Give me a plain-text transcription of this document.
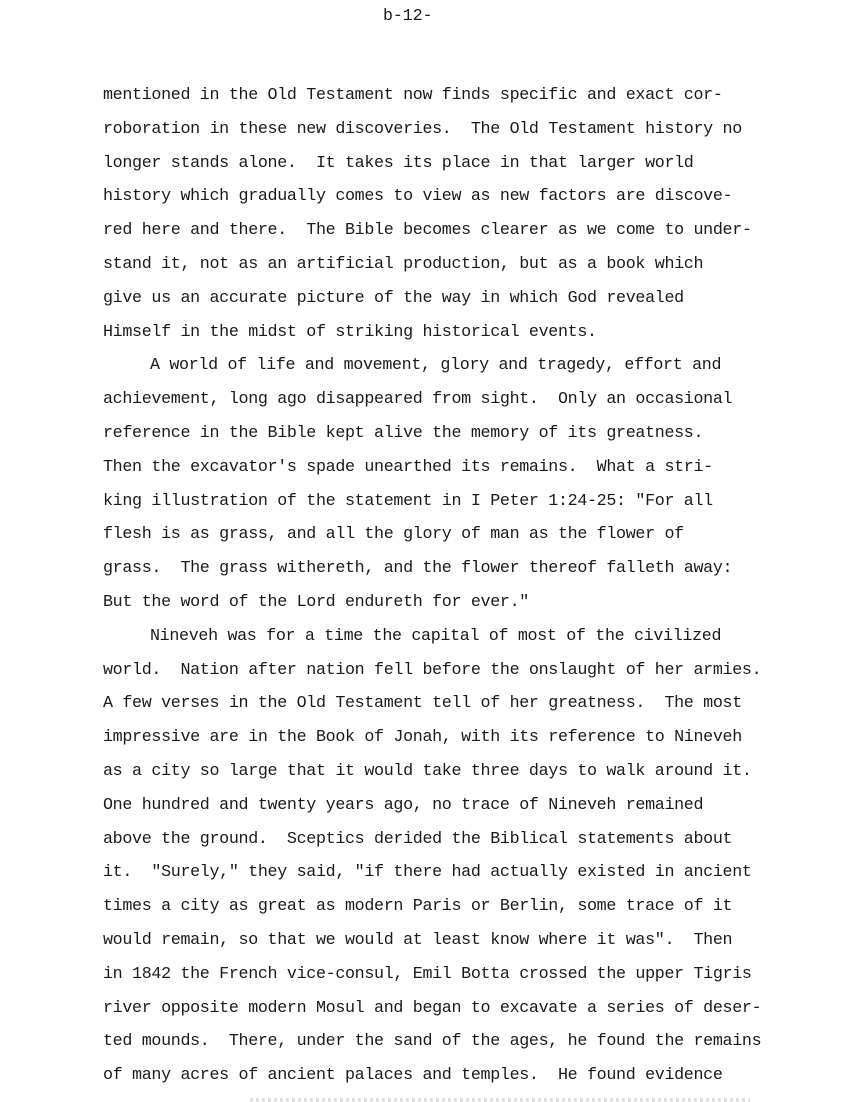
b-12-
mentioned in the Old Testament now finds specific and exact cor-
roboration in these new discoveries.  The Old Testament history no
longer stands alone.  It takes its place in that larger world
history which gradually comes to view as new factors are discove-
red here and there.  The Bible becomes clearer as we come to under-
stand it, not as an artificial production, but as a book which
give us an accurate picture of the way in which God revealed
Himself in the midst of striking historical events.
A world of life and movement, glory and tragedy, effort and
achievement, long ago disappeared from sight.  Only an occasional
reference in the Bible kept alive the memory of its greatness.
Then the excavator's spade unearthed its remains.  What a stri-
king illustration of the statement in I Peter 1:24-25: "For all
flesh is as grass, and all the glory of man as the flower of
grass.  The grass withereth, and the flower thereof falleth away:
But the word of the Lord endureth for ever."
Nineveh was for a time the capital of most of the civilized
world.  Nation after nation fell before the onslaught of her armies.
A few verses in the Old Testament tell of her greatness.  The most
impressive are in the Book of Jonah, with its reference to Nineveh
as a city so large that it would take three days to walk around it.
One hundred and twenty years ago, no trace of Nineveh remained
above the ground.  Sceptics derided the Biblical statements about
it.  "Surely," they said, "if there had actually existed in ancient
times a city as great as modern Paris or Berlin, some trace of it
would remain, so that we would at least know where it was".  Then
in 1842 the French vice-consul, Emil Botta crossed the upper Tigris
river opposite modern Mosul and began to excavate a series of deser-
ted mounds.  There, under the sand of the ages, he found the remains
of many acres of ancient palaces and temples.  He found evidence
